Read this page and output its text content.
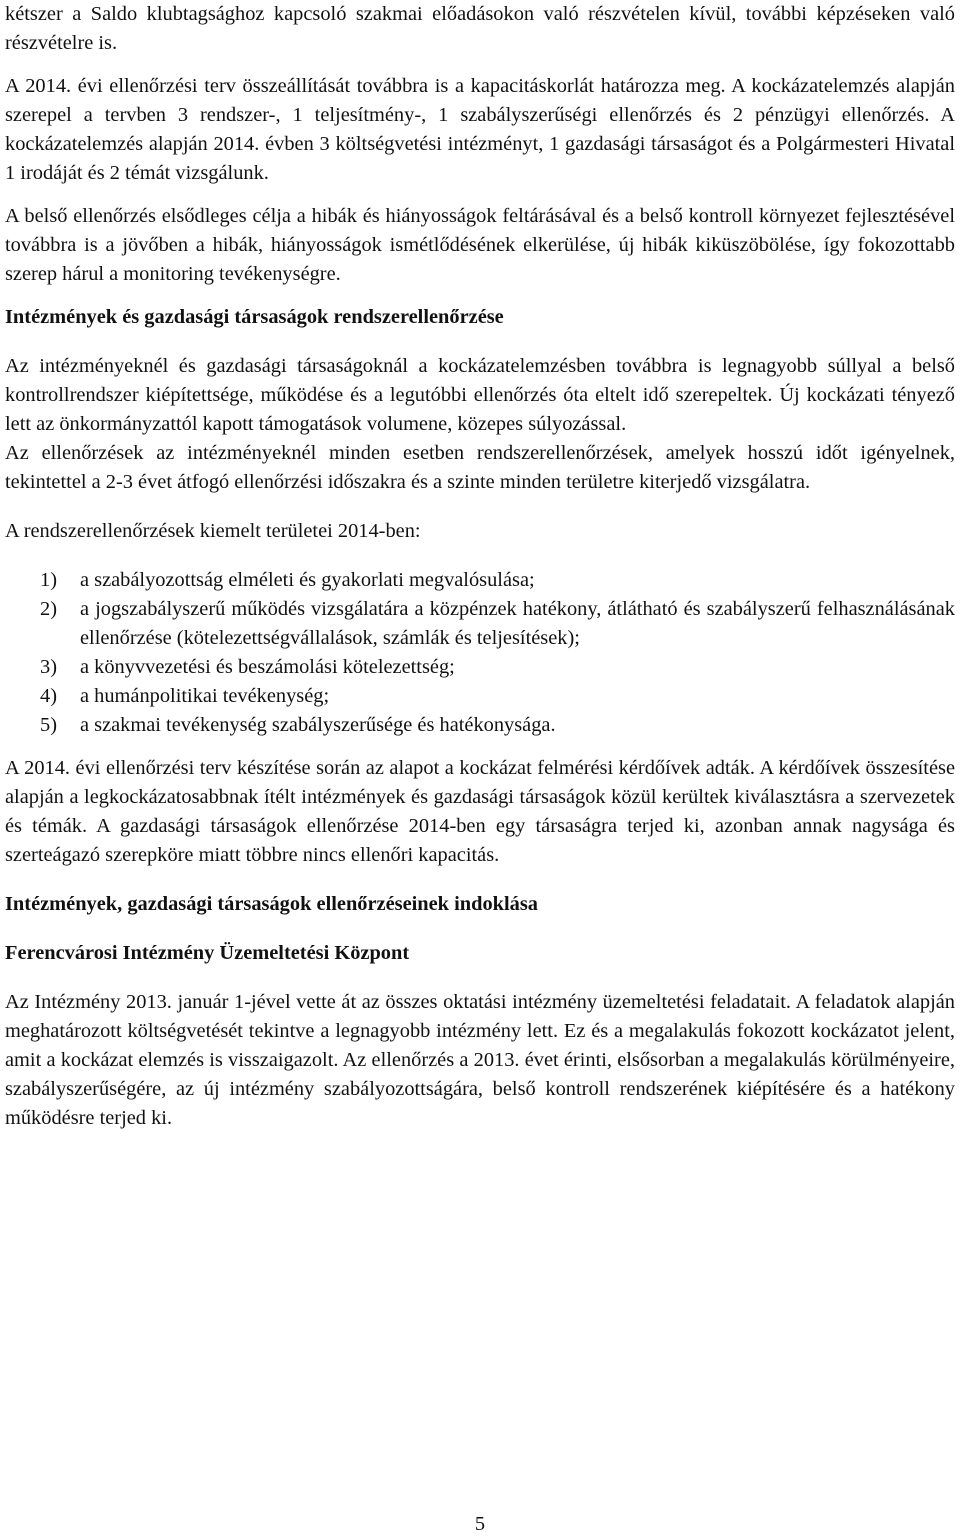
kétszer a Saldo klubtagsághoz kapcsoló szakmai előadásokon való részvételen kívül, további képzéseken való részvételre is.

A 2014. évi ellenőrzési terv összeállítását továbbra is a kapacitáskorlát határozza meg. A kockázatelemzés alapján szerepel a tervben 3 rendszer-, 1 teljesítmény-, 1 szabályszerűségi ellenőrzés és 2 pénzügyi ellenőrzés. A kockázatelemzés alapján 2014. évben 3 költségvetési intézményt, 1 gazdasági társaságot és a Polgármesteri Hivatal 1 irodáját és 2 témát vizsgálunk.

A belső ellenőrzés elsődleges célja a hibák és hiányosságok feltárásával és a belső kontroll környezet fejlesztésével továbbra is a jövőben a hibák, hiányosságok ismétlődésének elkerülése, új hibák kiküszöbölése, így fokozottabb szerep hárul a monitoring tevékenységre.

Intézmények és gazdasági társaságok rendszerellenőrzése

Az intézményeknél és gazdasági társaságoknál a kockázatelemzésben továbbra is legnagyobb súllyal a belső kontrollrendszer kiépítettsége, működése és a legutóbbi ellenőrzés óta eltelt idő szerepeltek. Új kockázati tényező lett az önkormányzattól kapott támogatások volumene, közepes súlyozással.

Az ellenőrzések az intézményeknél minden esetben rendszerellenőrzések, amelyek hosszú időt igényelnek, tekintettel a 2-3 évet átfogó ellenőrzési időszakra és a szinte minden területre kiterjedő vizsgálatra.

A rendszerellenőrzések kiemelt területei 2014-ben:

1)	a szabályozottság elméleti és gyakorlati megvalósulása;
2)	a jogszabályszerű működés vizsgálatára a közpénzek hatékony, átlátható és szabályszerű felhasználásának ellenőrzése (kötelezettségvállalások, számlák és teljesítések);
3)	a könyvvezetési és beszámolási kötelezettség;
4)	a humánpolitikai tevékenység;
5)	a szakmai tevékenység szabályszerűsége és hatékonysága.

A 2014. évi ellenőrzési terv készítése során az alapot a kockázat felmérési kérdőívek adták. A kérdőívek összesítése alapján a legkockázatosabbnak ítélt intézmények és gazdasági társaságok közül kerültek kiválasztásra a szervezetek és témák. A gazdasági társaságok ellenőrzése 2014-ben egy társaságra terjed ki, azonban annak nagysága és szerteágazó szerepköre miatt többre nincs ellenőri kapacitás.

Intézmények, gazdasági társaságok ellenőrzéseinek indoklása
Ferencvárosi Intézmény Üzemeltetési Központ

Az Intézmény 2013. január 1-jével vette át az összes oktatási intézmény üzemeltetési feladatait. A feladatok alapján meghatározott költségvetését tekintve a legnagyobb intézmény lett. Ez és a megalakulás fokozott kockázatot jelent, amit a kockázat elemzés is visszaigazolt. Az ellenőrzés a 2013. évet érinti, elsősorban a megalakulás körülményeire, szabályszerűségére, az új intézmény szabályozottságára, belső kontroll rendszerének kiépítésére és a hatékony működésre terjed ki.

5
